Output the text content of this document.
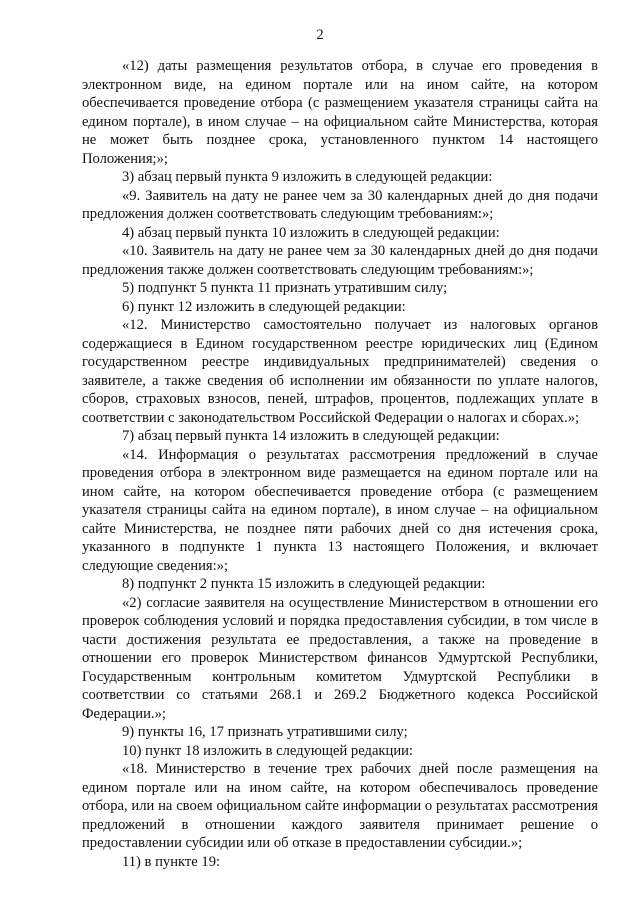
2

«12) даты размещения результатов отбора, в случае его проведения в электронном виде, на едином портале или на ином сайте, на котором обеспечивается проведение отбора (с размещением указателя страницы сайта на едином портале), в ином случае – на официальном сайте Министерства, которая не может быть позднее срока, установленного пунктом 14 настоящего Положения;»;

3) абзац первый пункта 9 изложить в следующей редакции:

«9. Заявитель на дату не ранее чем за 30 календарных дней до дня подачи предложения должен соответствовать следующим требованиям:»;

4) абзац первый пункта 10 изложить в следующей редакции:

«10. Заявитель на дату не ранее чем за 30 календарных дней до дня подачи предложения также должен соответствовать следующим требованиям:»;

5) подпункт 5 пункта 11 признать утратившим силу;

6) пункт 12 изложить в следующей редакции:

«12. Министерство самостоятельно получает из налоговых органов содержащиеся в Едином государственном реестре юридических лиц (Едином государственном реестре индивидуальных предпринимателей) сведения о заявителе, а также сведения об исполнении им обязанности по уплате налогов, сборов, страховых взносов, пеней, штрафов, процентов, подлежащих уплате в соответствии с законодательством Российской Федерации о налогах и сборах.»;

7) абзац первый пункта 14 изложить в следующей редакции:

«14. Информация о результатах рассмотрения предложений в случае проведения отбора в электронном виде размещается на едином портале или на ином сайте, на котором обеспечивается проведение отбора (с размещением указателя страницы сайта на едином портале), в ином случае – на официальном сайте Министерства, не позднее пяти рабочих дней со дня истечения срока, указанного в подпункте 1 пункта 13 настоящего Положения, и включает следующие сведения:»;

8) подпункт 2 пункта 15 изложить в следующей редакции:

«2) согласие заявителя на осуществление Министерством в отношении его проверок соблюдения условий и порядка предоставления субсидии, в том числе в части достижения результата ее предоставления, а также на проведение в отношении его проверок Министерством финансов Удмуртской Республики, Государственным контрольным комитетом Удмуртской Республики в соответствии со статьями 268.1 и 269.2 Бюджетного кодекса Российской Федерации.»;

9) пункты 16, 17 признать утратившими силу;

10) пункт 18 изложить в следующей редакции:

«18. Министерство в течение трех рабочих дней после размещения на едином портале или на ином сайте, на котором обеспечивалось проведение отбора, или на своем официальном сайте информации о результатах рассмотрения предложений в отношении каждого заявителя принимает решение о предоставлении субсидии или об отказе в предоставлении субсидии.»;

11) в пункте 19:
